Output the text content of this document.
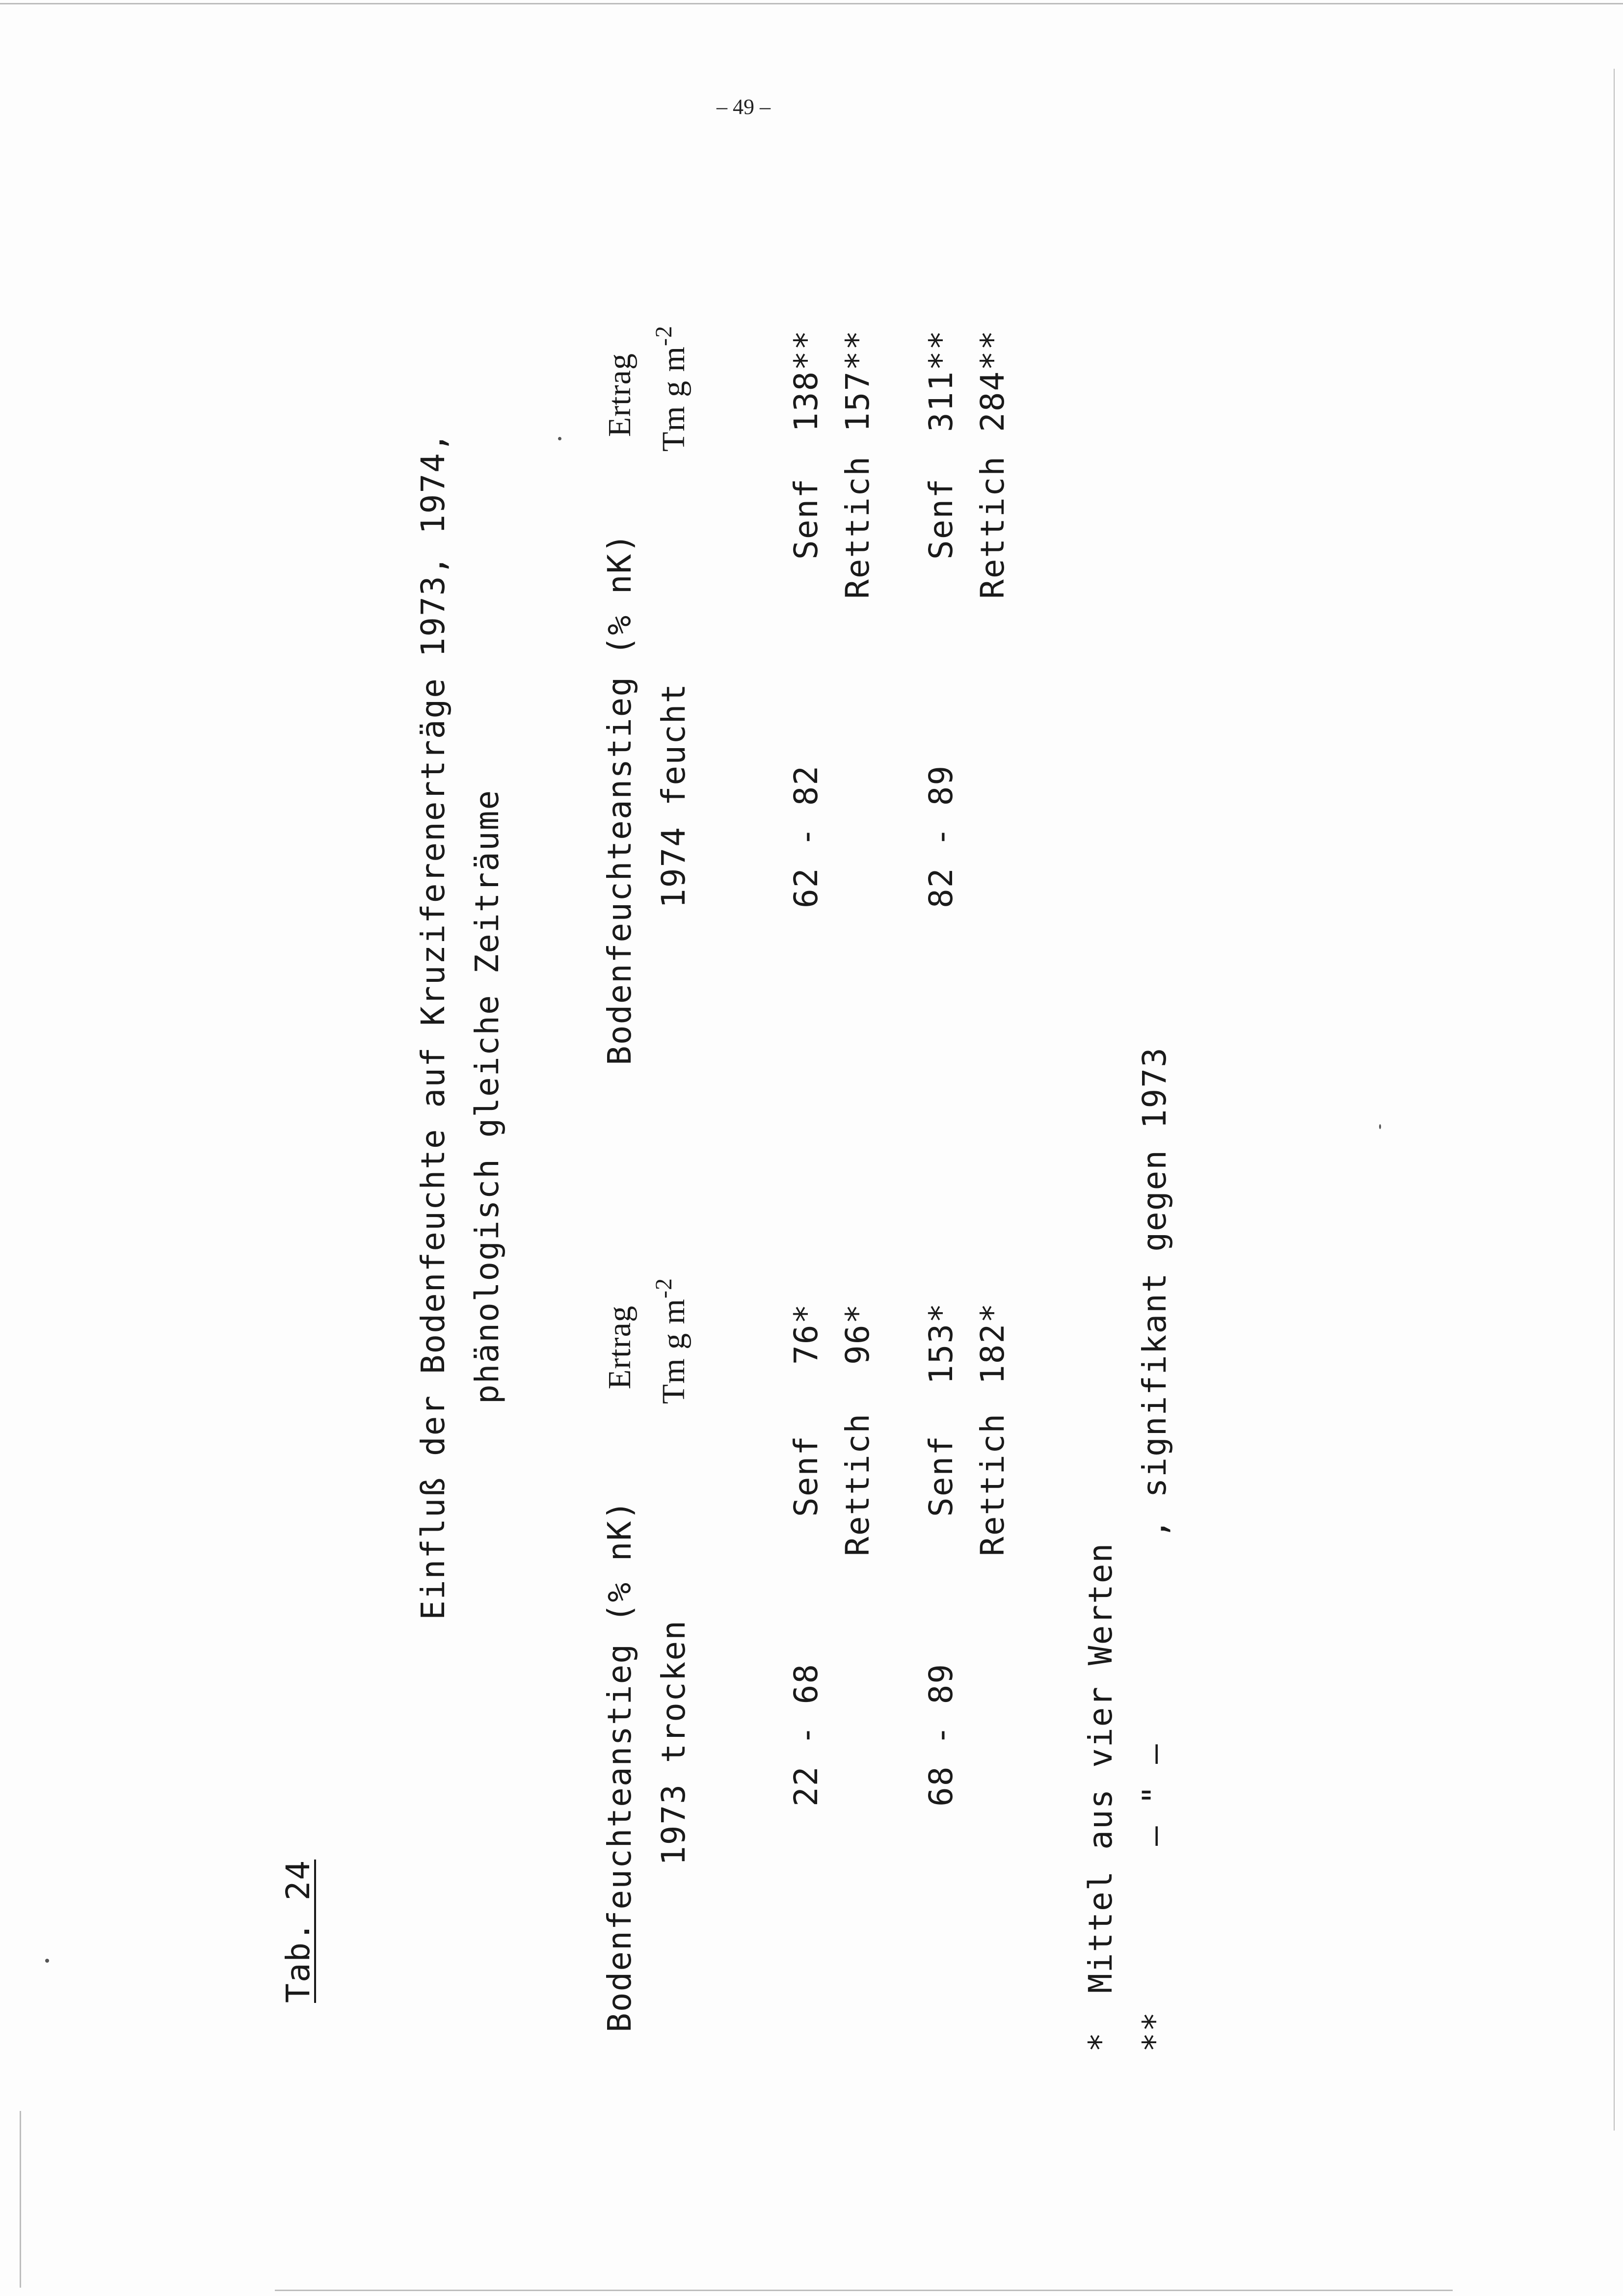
– 49 –
Tab. 24
Einfluß der Bodenfeuchte auf Kruziferenerträge 1973, 1974, phänologisch gleiche Zeiträume
Bodenfeuchteanstieg (% nK) 1973 trocken
Ertrag Tm g $m^{-2}$
22 - 68
Senf
76*
Rettich
96*
68 - 89
Senf
153*
Rettich
182*
Bodenfeuchteanstieg (% nK) 1974 feucht
Ertrag Tm g $m^{-2}$
62 - 82
Senf
138**
Rettich
157**
82 - 89
Senf
311**
Rettich
284**
*
Mittel aus vier Werten
**
– " –          , signifikant gegen 1973
